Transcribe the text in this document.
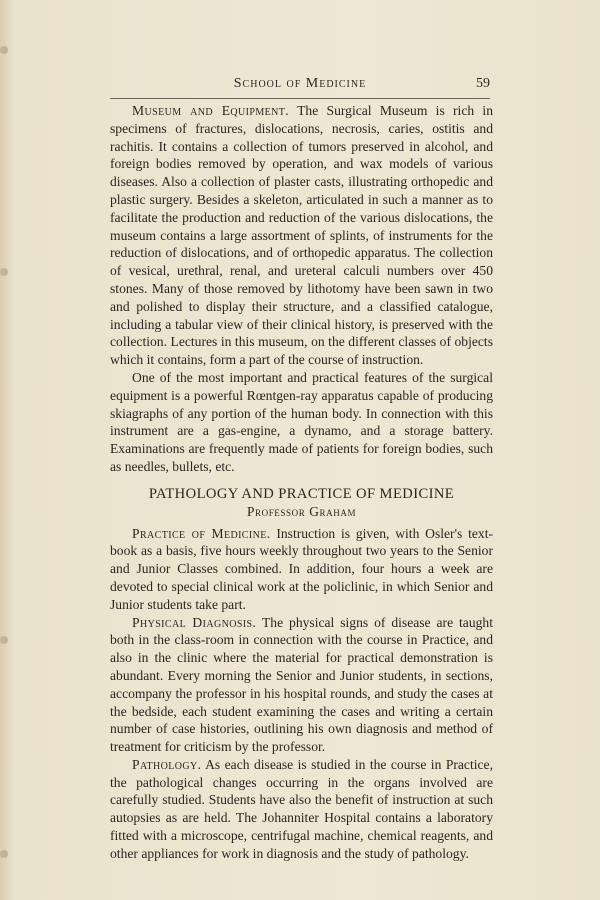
School of Medicine	59

Museum and Equipment. The Surgical Museum is rich in specimens of fractures, dislocations, necrosis, caries, ostitis and rachitis. It contains a collection of tumors preserved in alcohol, and foreign bodies removed by operation, and wax models of various diseases. Also a collection of plaster casts, illustrating orthopedic and plastic surgery. Besides a skeleton, articulated in such a manner as to facilitate the production and reduction of the various dislocations, the museum contains a large assortment of splints, of instruments for the reduction of dislocations, and of orthopedic apparatus. The collection of vesical, urethral, renal, and ureteral calculi numbers over 450 stones. Many of those removed by lithotomy have been sawn in two and polished to display their structure, and a classified catalogue, including a tabular view of their clinical history, is preserved with the collection. Lectures in this museum, on the different classes of objects which it contains, form a part of the course of instruction.

One of the most important and practical features of the surgical equipment is a powerful Rœntgen-ray apparatus capable of producing skiagraphs of any portion of the human body. In connection with this instrument are a gas-engine, a dynamo, and a storage battery. Examinations are frequently made of patients for foreign bodies, such as needles, bullets, etc.

PATHOLOGY AND PRACTICE OF MEDICINE
Professor Graham

Practice of Medicine. Instruction is given, with Osler's text-book as a basis, five hours weekly throughout two years to the Senior and Junior Classes combined. In addition, four hours a week are devoted to special clinical work at the policlinic, in which Senior and Junior students take part.

Physical Diagnosis. The physical signs of disease are taught both in the class-room in connection with the course in Practice, and also in the clinic where the material for practical demonstration is abundant. Every morning the Senior and Junior students, in sections, accompany the professor in his hospital rounds, and study the cases at the bedside, each student examining the cases and writing a certain number of case histories, outlining his own diagnosis and method of treatment for criticism by the professor.

Pathology. As each disease is studied in the course in Practice, the pathological changes occurring in the organs involved are carefully studied. Students have also the benefit of instruction at such autopsies as are held. The Johanniter Hospital contains a laboratory fitted with a microscope, centrifugal machine, chemical reagents, and other appliances for work in diagnosis and the study of pathology.
